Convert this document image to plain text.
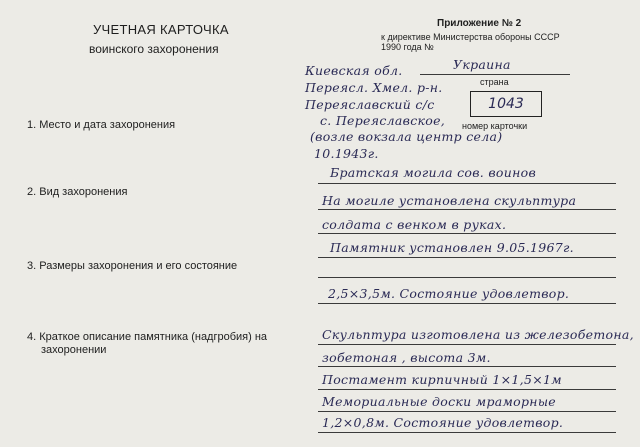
УЧЕТНАЯ КАРТОЧКА
воинского захоронения
Приложение № 2
к директиве Министерства обороны СССР
1990 года №
Украина
страна
1043
номер карточки
1. Место и дата захоронения
Киевская обл.
Переясл. Хмел. р-н.
Переяславский с/с
с. Переяславское,
(возле вокзала центр села)
10.1943г.
2. Вид захоронения
Братская могила сов. воинов
На могиле установлена скульптура
солдата с венком в руках.
Памятник установлен 9.05.1967г.
3. Размеры захоронения и его состояние
2,5×3,5м. Состояние удовлетвор.
4. Краткое описание памятника (надгробия) на
захоронении
Скульптура изготовлена из железобетона,
зобетоная , высота 3м.
Постамент кирпичный 1×1,5×1м
Мемориальные доски мраморные
1,2×0,8м. Состояние удовлетвор.
